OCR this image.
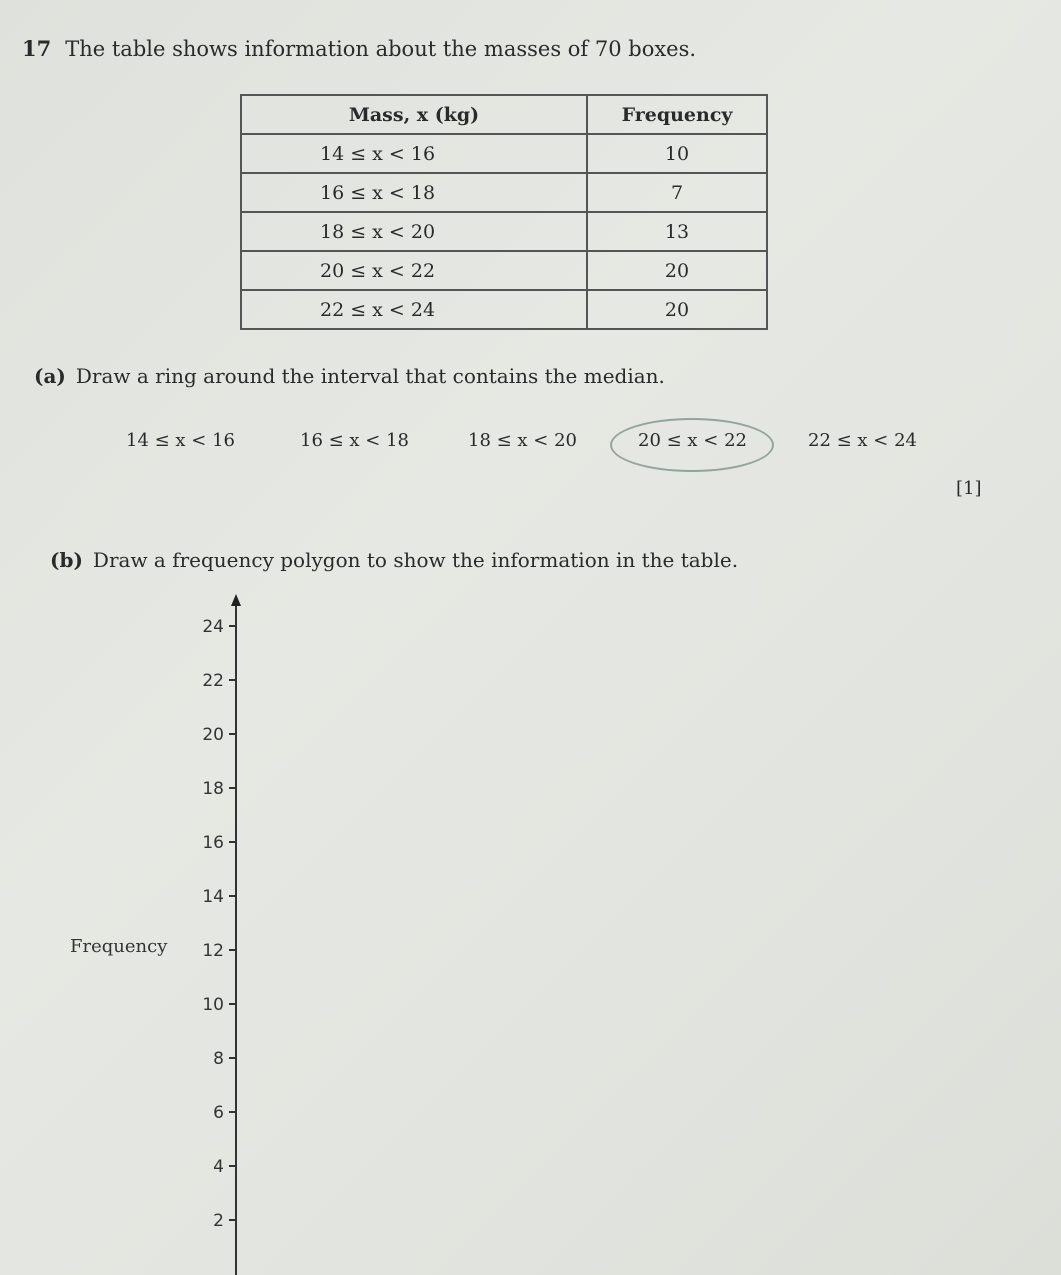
17 The table shows information about the masses of 70 boxes.
Mass, x (kg)	Frequency
14 ≤ x < 16	10
16 ≤ x < 18	7
18 ≤ x < 20	13
20 ≤ x < 22	20
22 ≤ x < 24	20
(a) Draw a ring around the interval that contains the median.
14 ≤ x < 16	16 ≤ x < 18	18 ≤ x < 20	20 ≤ x < 22	22 ≤ x < 24
[1]
(b) Draw a frequency polygon to show the information in the table.
24
22
20
18
16
14
12
10
8
6
4
2
Frequency
